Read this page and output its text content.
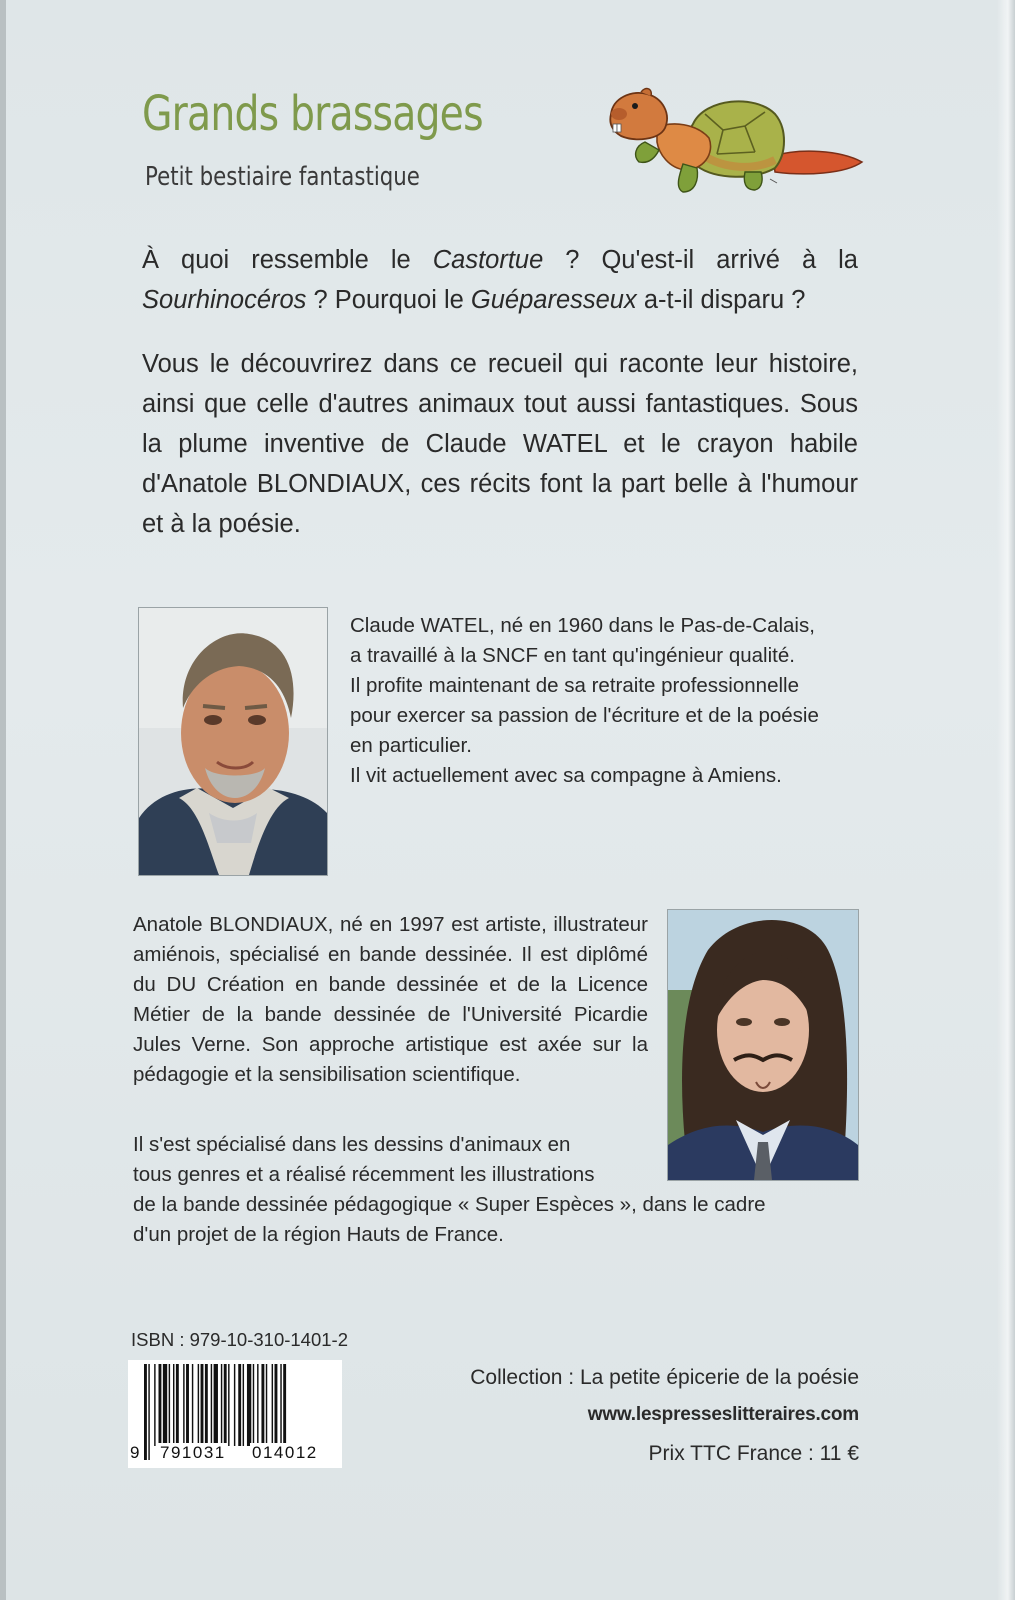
Grands brassages
Petit bestiaire fantastique
À quoi ressemble le Castortue ? Qu'est-il arrivé à la Sourhinocéros ? Pourquoi le Guéparesseux a-t-il disparu ?
Vous le découvrirez dans ce recueil qui raconte leur histoire, ainsi que celle d'autres animaux tout aussi fantastiques. Sous la plume inventive de Claude WATEL et le crayon habile d'Anatole BLONDIAUX, ces récits font la part belle à l'humour et à la poésie.

Claude WATEL, né en 1960 dans le Pas-de-Calais,

a travaillé à la SNCF en tant qu'ingénieur qualité.

Il profite maintenant de sa retraite professionnelle

pour exercer sa passion de l'écriture et de la poésie

en particulier.

Il vit actuellement avec sa compagne à Amiens.

Anatole BLONDIAUX, né en 1997 est artiste, illustrateur amiénois, spécialisé en bande dessinée. Il est diplômé du DU Création en bande dessinée et de la Licence Métier de la bande dessinée de l'Université Picardie Jules Verne. Son approche artistique est axée sur la pédagogie et la sensibilisation scientifique.

Il s'est spécialisé dans les dessins d'animaux en

tous genres et a réalisé récemment les illustrations

de la bande dessinée pédagogique « Super Espèces », dans le cadre

d'un projet de la région Hauts de France.

ISBN : 979-10-310-1401-2
9 791031 014012
Collection : La petite épicerie de la poésie
www.lespresseslitteraires.com
Prix TTC France : 11 €
